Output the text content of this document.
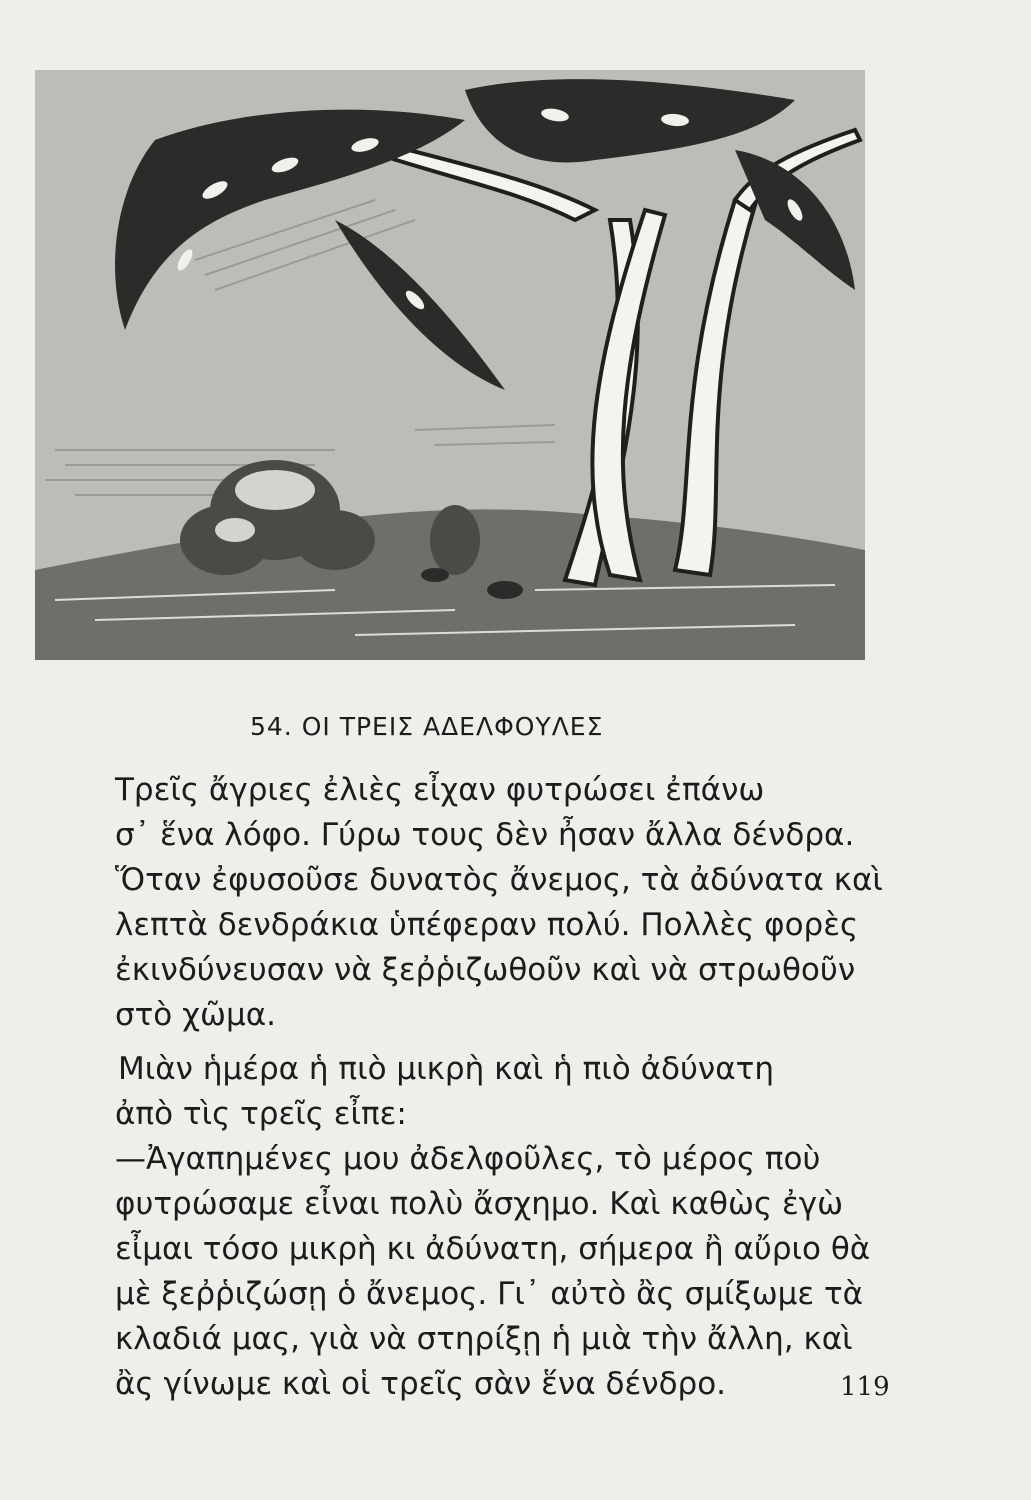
54. ΟΙ ΤΡΕΙΣ ΑΔΕΛΦΟΥΛΕΣ
Τρεῖς ἄγριες ἐλιὲς εἶχαν φυτρώσει ἐπάνω
σ᾽ ἕνα λόφο. Γύρω τους δὲν ἦσαν ἄλλα δένδρα.
Ὅταν ἐφυσοῦσε δυνατὸς ἄνεμος, τὰ ἀδύνατα καὶ
λεπτὰ δενδράκια ὑπέφεραν πολύ. Πολλὲς φορὲς
ἐκινδύνευσαν νὰ ξεῤῥιζωθοῦν καὶ νὰ στρωθοῦν
στὸ χῶμα.
Μιὰν ἡμέρα ἡ πιὸ μικρὴ καὶ ἡ πιὸ ἀδύνατη
ἀπὸ τὶς τρεῖς εἶπε:
—Ἀγαπημένες μου ἀδελφοῦλες, τὸ μέρος ποὺ
φυτρώσαμε εἶναι πολὺ ἄσχημο. Καὶ καθὼς ἐγὼ
εἶμαι τόσο μικρὴ κι ἀδύνατη, σήμερα ἢ αὔριο θὰ
μὲ ξεῤῥιζώσῃ ὁ ἄνεμος. Γι᾽ αὐτὸ ἂς σμίξωμε τὰ
κλαδιά μας, γιὰ νὰ στηρίξῃ ἡ μιὰ τὴν ἄλλη, καὶ
ἂς γίνωμε καὶ οἱ τρεῖς σὰν ἕνα δένδρο.	119
